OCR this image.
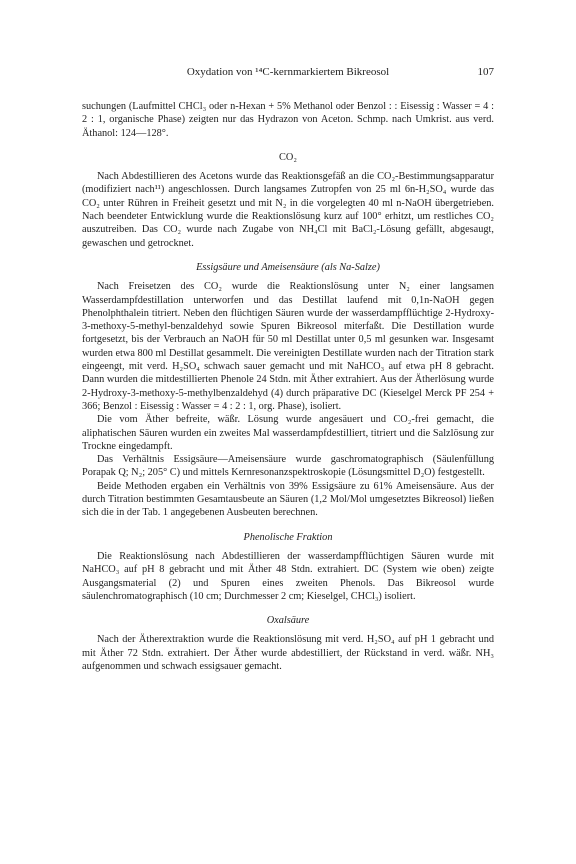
Oxydation von ¹⁴C-kernmarkiertem Bikreosol	107

suchungen (Laufmittel CHCl₃ oder n-Hexan + 5% Methanol oder Benzol : : Eisessig : Wasser = 4 : 2 : 1, organische Phase) zeigten nur das Hydrazon von Aceton. Schmp. nach Umkrist. aus verd. Äthanol: 124—128°.

CO₂

Nach Abdestillieren des Acetons wurde das Reaktionsgefäß an die CO₂-Bestimmungsapparatur (modifiziert nach¹¹) angeschlossen. Durch langsames Zutropfen von 25 ml 6n-H₂SO₄ wurde das CO₂ unter Rühren in Freiheit gesetzt und mit N₂ in die vorgelegten 40 ml n-NaOH übergetrieben. Nach beendeter Entwicklung wurde die Reaktionslösung kurz auf 100° erhitzt, um restliches CO₂ auszutreiben. Das CO₂ wurde nach Zugabe von NH₄Cl mit BaCl₂-Lösung gefällt, abgesaugt, gewaschen und getrocknet.

Essigsäure und Ameisensäure (als Na-Salze)

Nach Freisetzen des CO₂ wurde die Reaktionslösung unter N₂ einer langsamen Wasserdampfdestillation unterworfen und das Destillat laufend mit 0,1n-NaOH gegen Phenolphthalein titriert. Neben den flüchtigen Säuren wurde der wasserdampfflüchtige 2-Hydroxy-3-methoxy-5-methyl-benzaldehyd sowie Spuren Bikreosol miterfaßt. Die Destillation wurde fortgesetzt, bis der Verbrauch an NaOH für 50 ml Destillat unter 0,5 ml gesunken war. Insgesamt wurden etwa 800 ml Destillat gesammelt. Die vereinigten Destillate wurden nach der Titration stark eingeengt, mit verd. H₂SO₄ schwach sauer gemacht und mit NaHCO₃ auf etwa pH 8 gebracht. Dann wurden die mitdestillierten Phenole 24 Stdn. mit Äther extrahiert. Aus der Ätherlösung wurde 2-Hydroxy-3-methoxy-5-methylbenzaldehyd (4) durch präparative DC (Kieselgel Merck PF 254 + 366; Benzol : Eisessig : Wasser = 4 : 2 : 1, org. Phase), isoliert.

Die vom Äther befreite, wäßr. Lösung wurde angesäuert und CO₂-frei gemacht, die aliphatischen Säuren wurden ein zweites Mal wasserdampfdestilliert, titriert und die Salzlösung zur Trockne eingedampft.

Das Verhältnis Essigsäure—Ameisensäure wurde gaschromatographisch (Säulenfüllung Porapak Q; N₂; 205° C) und mittels Kernresonanzspektroskopie (Lösungsmittel D₂O) festgestellt.

Beide Methoden ergaben ein Verhältnis von 39% Essigsäure zu 61% Ameisensäure. Aus der durch Titration bestimmten Gesamtausbeute an Säuren (1,2 Mol/Mol umgesetztes Bikreosol) ließen sich die in der Tab. 1 angegebenen Ausbeuten berechnen.

Phenolische Fraktion

Die Reaktionslösung nach Abdestillieren der wasserdampfflüchtigen Säuren wurde mit NaHCO₃ auf pH 8 gebracht und mit Äther 48 Stdn. extrahiert. DC (System wie oben) zeigte Ausgangsmaterial (2) und Spuren eines zweiten Phenols. Das Bikreosol wurde säulenchromatographisch (10 cm; Durchmesser 2 cm; Kieselgel, CHCl₃) isoliert.

Oxalsäure

Nach der Ätherextraktion wurde die Reaktionslösung mit verd. H₂SO₄ auf pH 1 gebracht und mit Äther 72 Stdn. extrahiert. Der Äther wurde abdestilliert, der Rückstand in verd. wäßr. NH₃ aufgenommen und schwach essigsauer gemacht.
